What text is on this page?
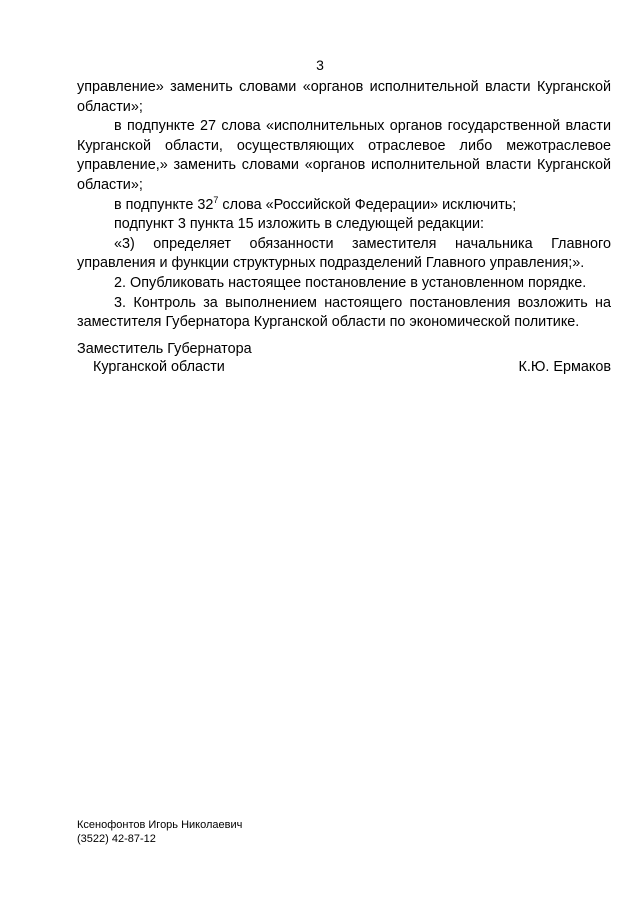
3

управление» заменить словами «органов исполнительной власти Курганской области»;

в подпункте 27 слова «исполнительных органов государственной власти Курганской области, осуществляющих отраслевое либо межотраслевое управление,» заменить словами «органов исполнительной власти Курганской области»;

в подпункте $32^7$ слова «Российской Федерации» исключить;

подпункт 3 пункта 15 изложить в следующей редакции:

«3) определяет обязанности заместителя начальника Главного управления и функции структурных подразделений Главного управления;».

2. Опубликовать настоящее постановление в установленном порядке.

3. Контроль за выполнением настоящего постановления возложить на заместителя Губернатора Курганской области по экономической политике.

Заместитель Губернатора
Курганской области	К.Ю. Ермаков
Ксенофонтов Игорь Николаевич
(3522) 42-87-12
